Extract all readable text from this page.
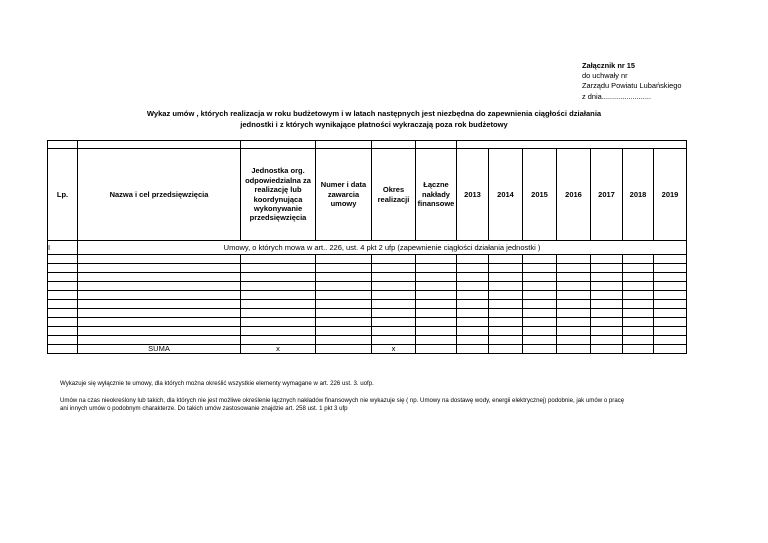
Załącznik nr 15
do uchwały nr
Zarządu Powiatu Lubańskiego
z dnia........................
Wykaz umów , których realizacja w roku budżetowym i w latach następnych jest niezbędna do zapewnienia ciągłości działania
jednostki i z których wynikające płatności wykraczają poza rok budżetowy

Lp.	Nazwa i cel przedsięwzięcia	Jednostka org. odpowiedzialna za realizację lub koordynująca wykonywanie przedsięwzięcia	Numer i data zawarcia umowy	Okres realizacji	Łączne nakłady finansowe	2013	2014	2015	2016	2017	2018	2019
I	Umowy, o których mowa w art.. 226, ust. 4 pkt 2 ufp (zapewnienie ciągłości działania jednostki )											

	SUMA	x		x								

Wykazuje się wyłącznie te umowy, dla których można określić wszystkie elementy wymagane w art. 226 ust. 3. uofp.

Umów na czas nieokreślony lub takich, dla których nie jest możliwe określenie łącznych nakładów finansowych nie wykazuje się ( np. Umowy na dostawę wody, energii elektrycznej) podobnie, jak umów o pracę

ani innych umów o podobnym charakterze. Do takich umów zastosowanie znajdzie art. 258 ust. 1 pkt 3 ufp
